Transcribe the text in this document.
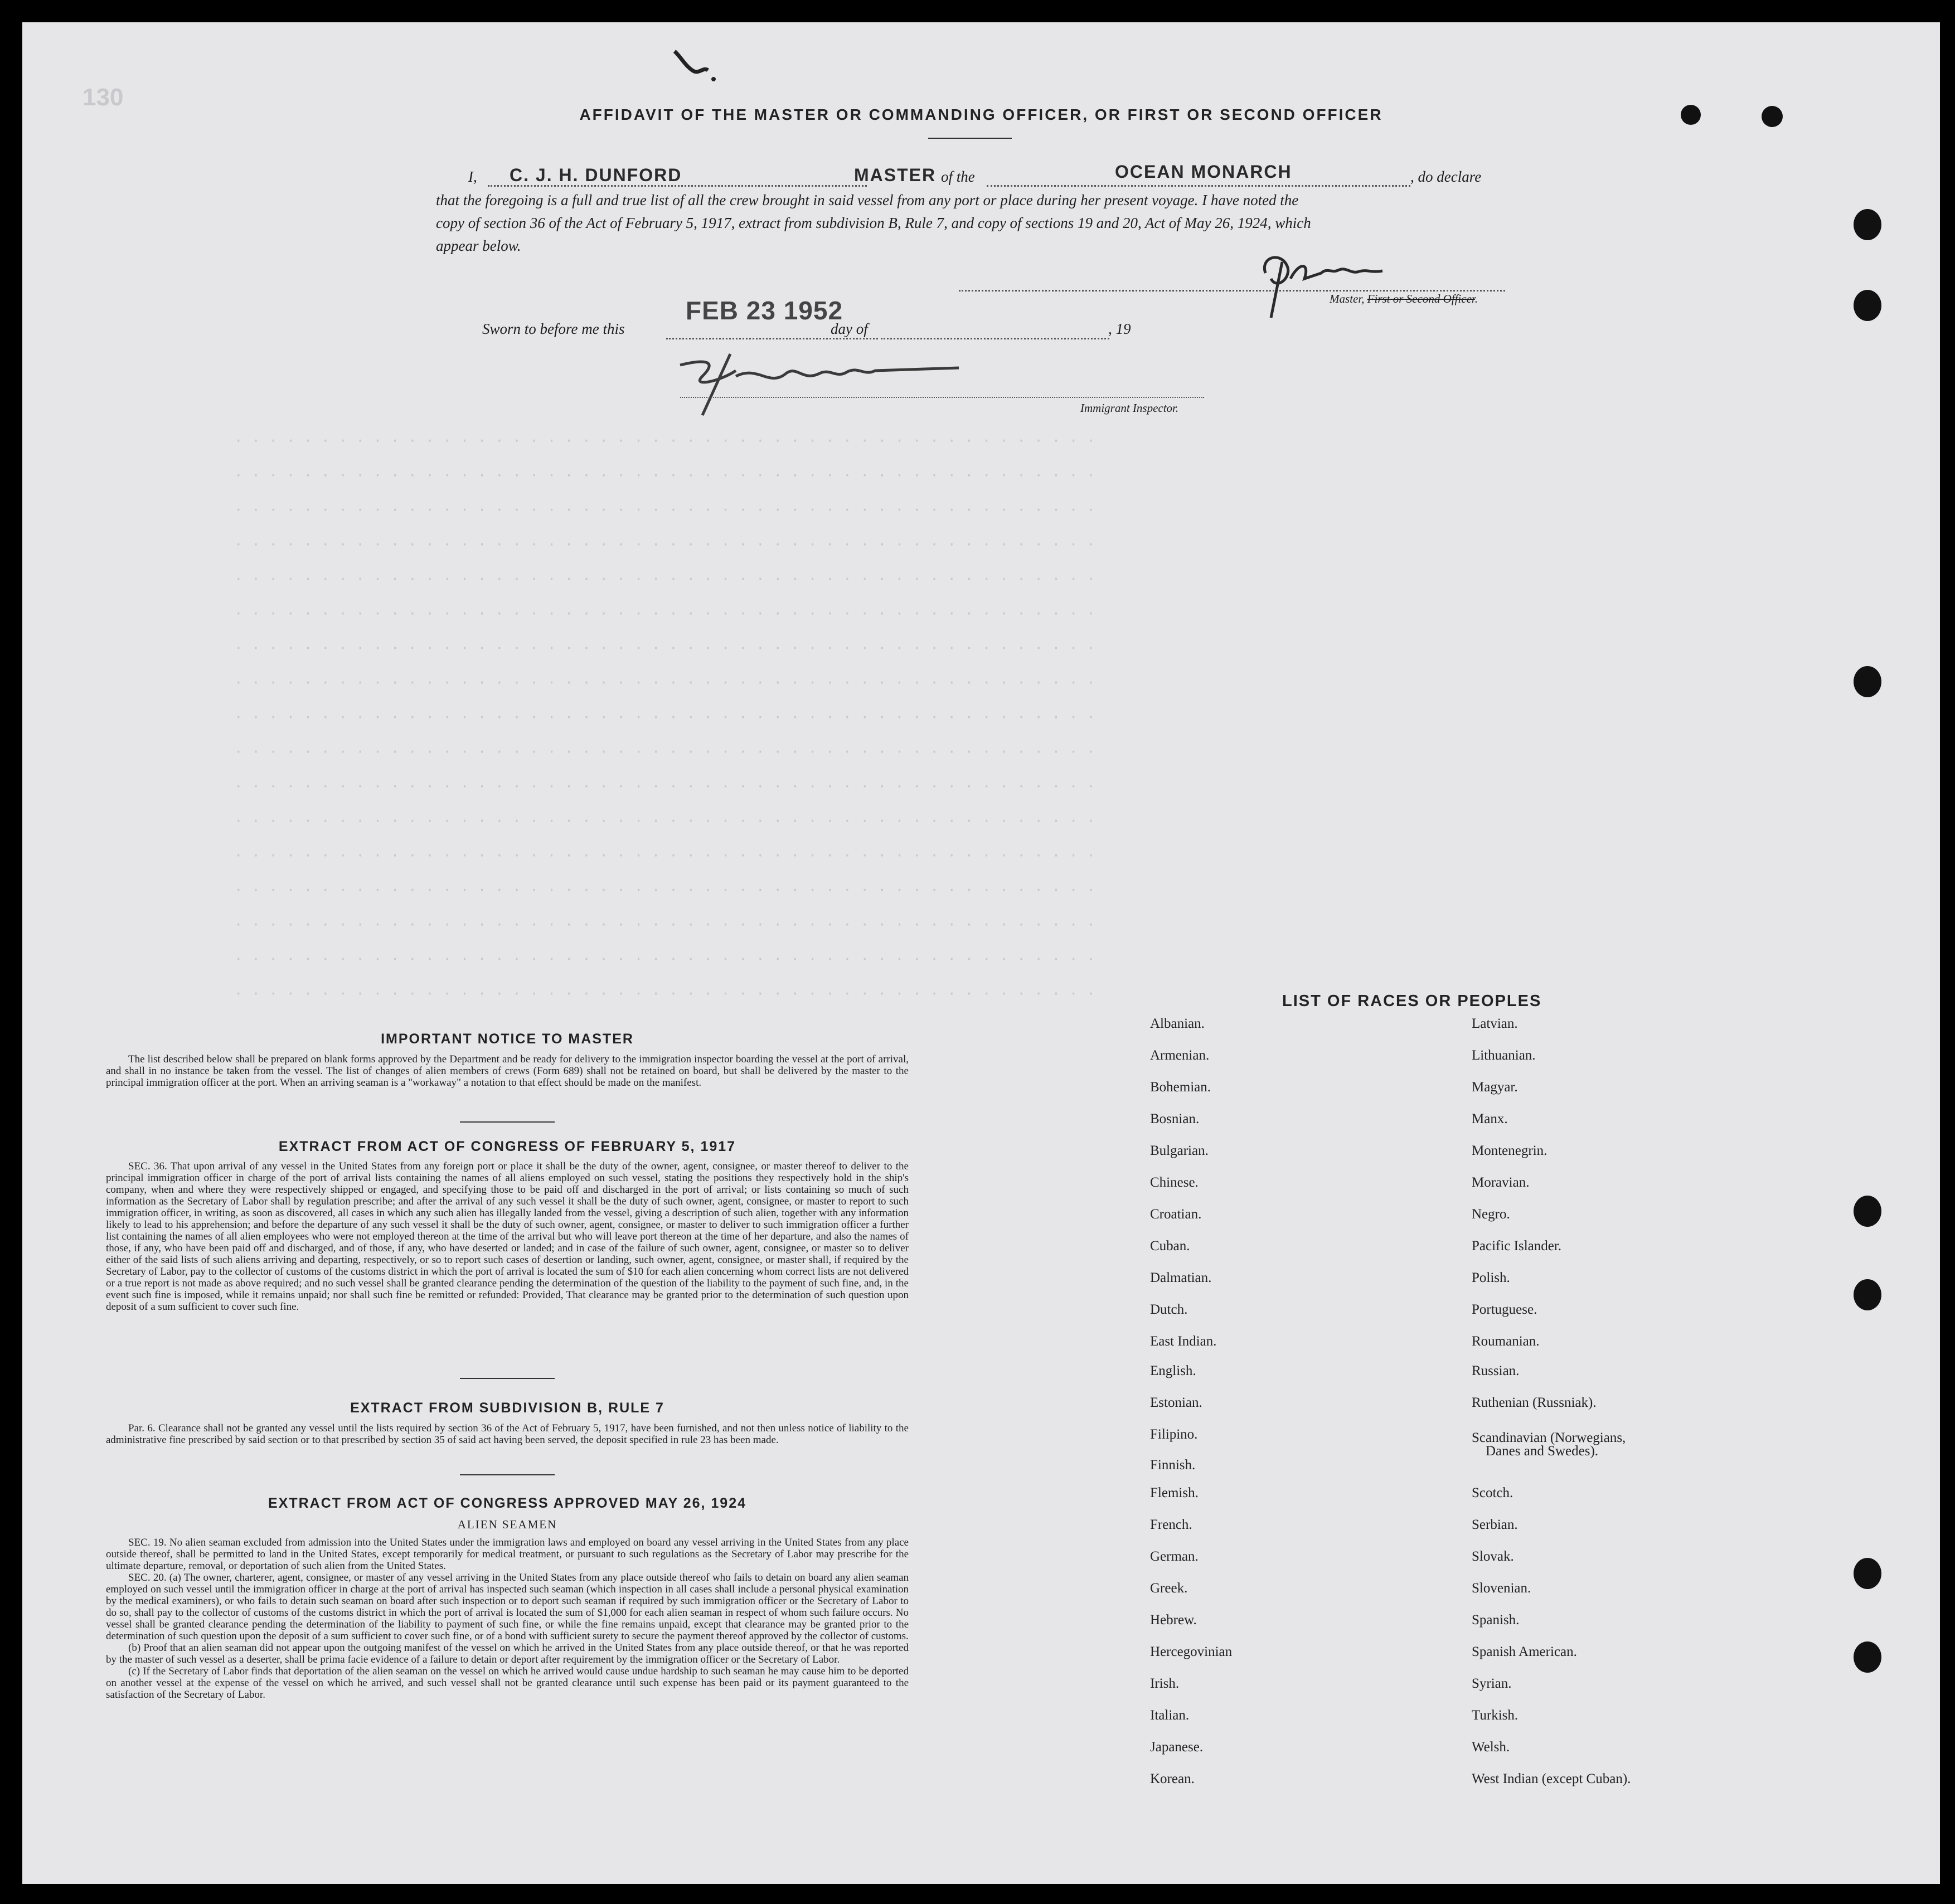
130
AFFIDAVIT OF THE MASTER OR COMMANDING OFFICER, OR FIRST OR SECOND OFFICER
I, C. J. H. DUNFORD	MASTER of the	OCEAN MONARCH	, do declare
that the foregoing is a full and true list of all the crew brought in said vessel from any port or place during her present voyage. I have noted the
copy of section 36 of the Act of February 5, 1917, extract from subdivision B, Rule 7, and copy of sections 19 and 20, Act of May 26, 1924, which
appear below.
Master, First or Second Officer.
Sworn to before me this
FEB 23 1952
day of	, 19
Immigrant Inspector.
· · · · · · · · · · · · · · · · · · · · · · · · · · · · · · · · · · · · · · · · · · · · · · · · · ·
· · · · · · · · · · · · · · · · · · · · · · · · · · · · · · · · · · · · · · · · · · · · · · · · · ·
· · · · · · · · · · · · · · · · · · · · · · · · · · · · · · · · · · · · · · · · · · · · · · · · · ·
· · · · · · · · · · · · · · · · · · · · · · · · · · · · · · · · · · · · · · · · · · · · · · · · · ·
· · · · · · · · · · · · · · · · · · · · · · · · · · · · · · · · · · · · · · · · · · · · · · · · · ·
· · · · · · · · · · · · · · · · · · · · · · · · · · · · · · · · · · · · · · · · · · · · · · · · · ·
· · · · · · · · · · · · · · · · · · · · · · · · · · · · · · · · · · · · · · · · · · · · · · · · · ·
· · · · · · · · · · · · · · · · · · · · · · · · · · · · · · · · · · · · · · · · · · · · · · · · · ·
· · · · · · · · · · · · · · · · · · · · · · · · · · · · · · · · · · · · · · · · · · · · · · · · · ·
· · · · · · · · · · · · · · · · · · · · · · · · · · · · · · · · · · · · · · · · · · · · · · · · · ·
· · · · · · · · · · · · · · · · · · · · · · · · · · · · · · · · · · · · · · · · · · · · · · · · · ·
· · · · · · · · · · · · · · · · · · · · · · · · · · · · · · · · · · · · · · · · · · · · · · · · · ·
· · · · · · · · · · · · · · · · · · · · · · · · · · · · · · · · · · · · · · · · · · · · · · · · · ·
· · · · · · · · · · · · · · · · · · · · · · · · · · · · · · · · · · · · · · · · · · · · · · · · · ·
· · · · · · · · · · · · · · · · · · · · · · · · · · · · · · · · · · · · · · · · · · · · · · · · · ·
· · · · · · · · · · · · · · · · · · · · · · · · · · · · · · · · · · · · · · · · · · · · · · · · · ·
· · · · · · · · · · · · · · · · · · · · · · · · · · · · · · · · · · · · · · · · · · · · · · · · · ·
IMPORTANT NOTICE TO MASTER
The list described below shall be prepared on blank forms approved by the Department and be ready for delivery to the immigration inspector boarding the vessel at the port of arrival, and shall in no instance be taken from the vessel. The list of changes of alien members of crews (Form 689) shall not be retained on board, but shall be delivered by the master to the principal immigration officer at the port. When an arriving seaman is a "workaway" a notation to that effect should be made on the manifest.
EXTRACT FROM ACT OF CONGRESS OF FEBRUARY 5, 1917
SEC. 36. That upon arrival of any vessel in the United States from any foreign port or place it shall be the duty of the owner, agent, consignee, or master thereof to deliver to the principal immigration officer in charge of the port of arrival lists containing the names of all aliens employed on such vessel, stating the positions they respectively hold in the ship's company, when and where they were respectively shipped or engaged, and specifying those to be paid off and discharged in the port of arrival; or lists containing so much of such information as the Secretary of Labor shall by regulation prescribe; and after the arrival of any such vessel it shall be the duty of such owner, agent, consignee, or master to report to such immigration officer, in writing, as soon as discovered, all cases in which any such alien has illegally landed from the vessel, giving a description of such alien, together with any information likely to lead to his apprehension; and before the departure of any such vessel it shall be the duty of such owner, agent, consignee, or master to deliver to such immigration officer a further list containing the names of all alien employees who were not employed thereon at the time of the arrival but who will leave port thereon at the time of her departure, and also the names of those, if any, who have been paid off and discharged, and of those, if any, who have deserted or landed; and in case of the failure of such owner, agent, consignee, or master so to deliver either of the said lists of such aliens arriving and departing, respectively, or so to report such cases of desertion or landing, such owner, agent, consignee, or master shall, if required by the Secretary of Labor, pay to the collector of customs of the customs district in which the port of arrival is located the sum of $10 for each alien concerning whom correct lists are not delivered or a true report is not made as above required; and no such vessel shall be granted clearance pending the determination of the question of the liability to the payment of such fine, and, in the event such fine is imposed, while it remains unpaid; nor shall such fine be remitted or refunded: Provided, That clearance may be granted prior to the determination of such question upon deposit of a sum sufficient to cover such fine.
EXTRACT FROM SUBDIVISION B, RULE 7
Par. 6. Clearance shall not be granted any vessel until the lists required by section 36 of the Act of February 5, 1917, have been furnished, and not then unless notice of liability to the administrative fine prescribed by said section or to that prescribed by section 35 of said act having been served, the deposit specified in rule 23 has been made.
EXTRACT FROM ACT OF CONGRESS APPROVED MAY 26, 1924
ALIEN SEAMEN
SEC. 19. No alien seaman excluded from admission into the United States under the immigration laws and employed on board any vessel arriving in the United States from any place outside thereof, shall be permitted to land in the United States, except temporarily for medical treatment, or pursuant to such regulations as the Secretary of Labor may prescribe for the ultimate departure, removal, or deportation of such alien from the United States.
SEC. 20. (a) The owner, charterer, agent, consignee, or master of any vessel arriving in the United States from any place outside thereof who fails to detain on board any alien seaman employed on such vessel until the immigration officer in charge at the port of arrival has inspected such seaman (which inspection in all cases shall include a personal physical examination by the medical examiners), or who fails to detain such seaman on board after such inspection or to deport such seaman if required by such immigration officer or the Secretary of Labor to do so, shall pay to the collector of customs of the customs district in which the port of arrival is located the sum of $1,000 for each alien seaman in respect of whom such failure occurs. No vessel shall be granted clearance pending the determination of the liability to payment of such fine, or while the fine remains unpaid, except that clearance may be granted prior to the determination of such question upon the deposit of a sum sufficient to cover such fine, or of a bond with sufficient surety to secure the payment thereof approved by the collector of customs.
(b) Proof that an alien seaman did not appear upon the outgoing manifest of the vessel on which he arrived in the United States from any place outside thereof, or that he was reported by the master of such vessel as a deserter, shall be prima facie evidence of a failure to detain or deport after requirement by the immigration officer or the Secretary of Labor.
(c) If the Secretary of Labor finds that deportation of the alien seaman on the vessel on which he arrived would cause undue hardship to such seaman he may cause him to be deported on another vessel at the expense of the vessel on which he arrived, and such vessel shall not be granted clearance until such expense has been paid or its payment guaranteed to the satisfaction of the Secretary of Labor.
LIST OF RACES OR PEOPLES
Albanian.
Armenian.
Bohemian.
Bosnian.
Bulgarian.
Chinese.
Croatian.
Cuban.
Dalmatian.
Dutch.
East Indian.
English.
Estonian.
Filipino.
Finnish.
Flemish.
French.
German.
Greek.
Hebrew.
Hercegovinian
Irish.
Italian.
Japanese.
Korean.
Latvian.
Lithuanian.
Magyar.
Manx.
Montenegrin.
Moravian.
Negro.
Pacific Islander.
Polish.
Portuguese.
Roumanian.
Russian.
Ruthenian (Russniak).
Scandinavian (Norwegians,
Danes and Swedes).
Scotch.
Serbian.
Slovak.
Slovenian.
Spanish.
Spanish American.
Syrian.
Turkish.
Welsh.
West Indian (except Cuban).
